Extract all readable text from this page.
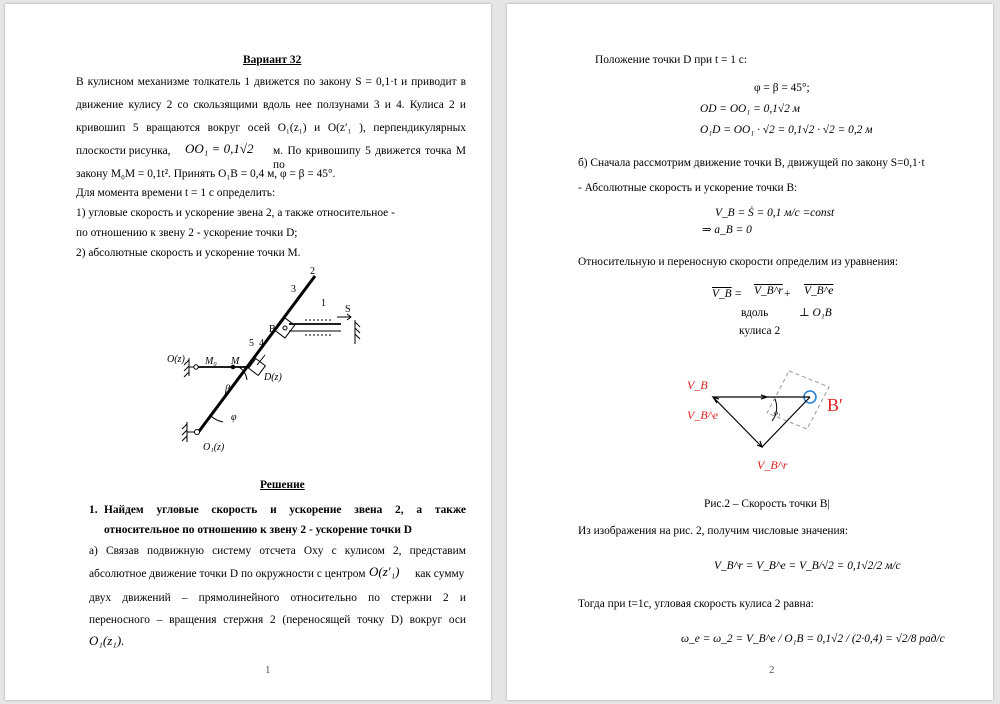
Вариант 32
В кулисном механизме толкатель 1 движется по закону S = 0,1·t и приводит в
движение кулису 2 со скользящими вдоль нее ползунами 3 и 4. Кулиса 2 и
кривошип 5 вращаются вокруг осей O₁(z₁) и O(z′₁ ), перпендикулярных
плоскости рисунка, OO₁ = 0,1√2 м. По кривошипу 5 движется точка M по
закону M₀M = 0,1t². Принять O₁B = 0,4 м, φ = β = 45°.
Для момента времени t = 1 с определить:
1) угловые скорость и ускорение звена 2, а также относительное -
по отношению к звену 2 - ускорение точки D;
2) абсолютные скорость и ускорение точки M.
2
3
1
S
B
5 4
O(z) M₀ M
D(z)
β
φ
O₁(z)
Решение
1. Найдем угловые скорость и ускорение звена 2, а также
относительное по отношению к звену 2 - ускорение точки D
а) Связав подвижную систему отсчета Oxy с кулисом 2, представим
абсолютное движение точки D по окружности с центром O(z′₁) как сумму
двух движений – прямолинейного относительно по стержни 2 и
переносного – вращения стержня 2 (переносящей точку D) вокруг оси
O₁(z₁).
1
Положение точки D при t = 1 с:
φ = β = 45°;
OD = OO₁ = 0,1√2 м
O₁D = OO₁ · √2 = 0,1√2 · √2 = 0,2 м
б) Сначала рассмотрим движение точки B, движущей по закону S=0,1·t
- Абсолютные скорость и ускорение точки B:
V_B = Ṡ = 0,1 м/с =const
⇒ a_B = 0
Относительную и переносную скорости определим из уравнения:
V_B = V_B^r + V_B^e
вдоль	⊥ O₁B
кулиса 2
V_B
V_B^e
V_B^r
B′
φ₁
Рис.2 – Скорость точки B|
Из изображения на рис. 2, получим числовые значения:
V_B^r = V_B^e = V_B/√2 = 0,1√2/2 м/с
Тогда при t=1с, угловая скорость кулиса 2 равна:
ω_e = ω_2 = V_B^e / O₁B = 0,1√2 / (2·0,4) = √2/8 рад/с
2
